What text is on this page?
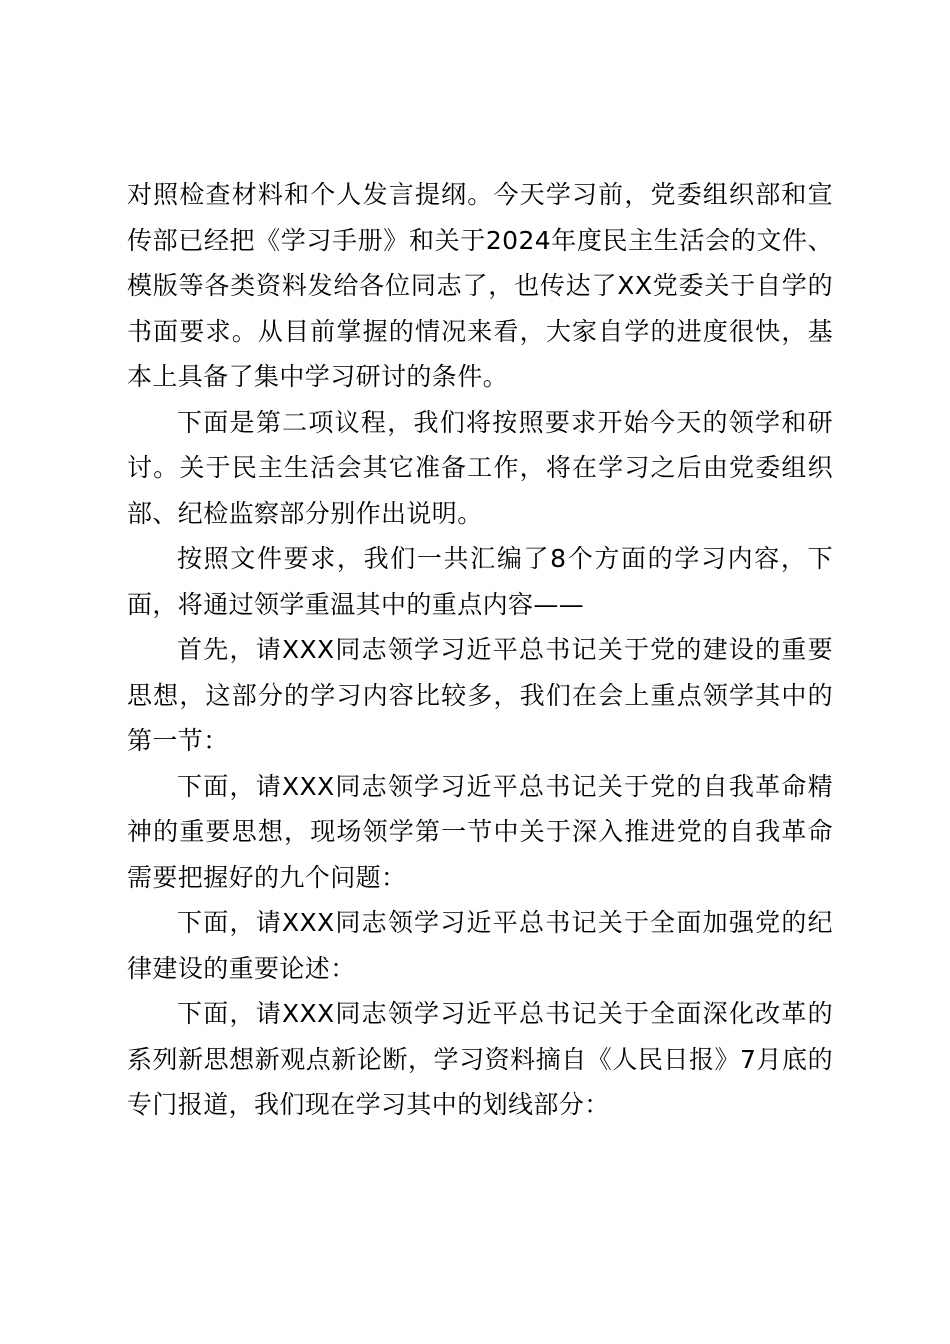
对照检查材料和个人发言提纲。今天学习前，党委组织部和宣传部已经把《学习手册》和关于2024年度民主生活会的文件、模版等各类资料发给各位同志了，也传达了XX党委关于自学的书面要求。从目前掌握的情况来看，大家自学的进度很快，基本上具备了集中学习研讨的条件。

下面是第二项议程，我们将按照要求开始今天的领学和研讨。关于民主生活会其它准备工作，将在学习之后由党委组织部、纪检监察部分别作出说明。

按照文件要求，我们一共汇编了8个方面的学习内容，下面，将通过领学重温其中的重点内容——

首先，请XXX同志领学习近平总书记关于党的建设的重要思想，这部分的学习内容比较多，我们在会上重点领学其中的第一节：

下面，请XXX同志领学习近平总书记关于党的自我革命精神的重要思想，现场领学第一节中关于深入推进党的自我革命需要把握好的九个问题：

下面，请XXX同志领学习近平总书记关于全面加强党的纪律建设的重要论述：

下面，请XXX同志领学习近平总书记关于全面深化改革的系列新思想新观点新论断，学习资料摘自《人民日报》7月底的专门报道，我们现在学习其中的划线部分：
